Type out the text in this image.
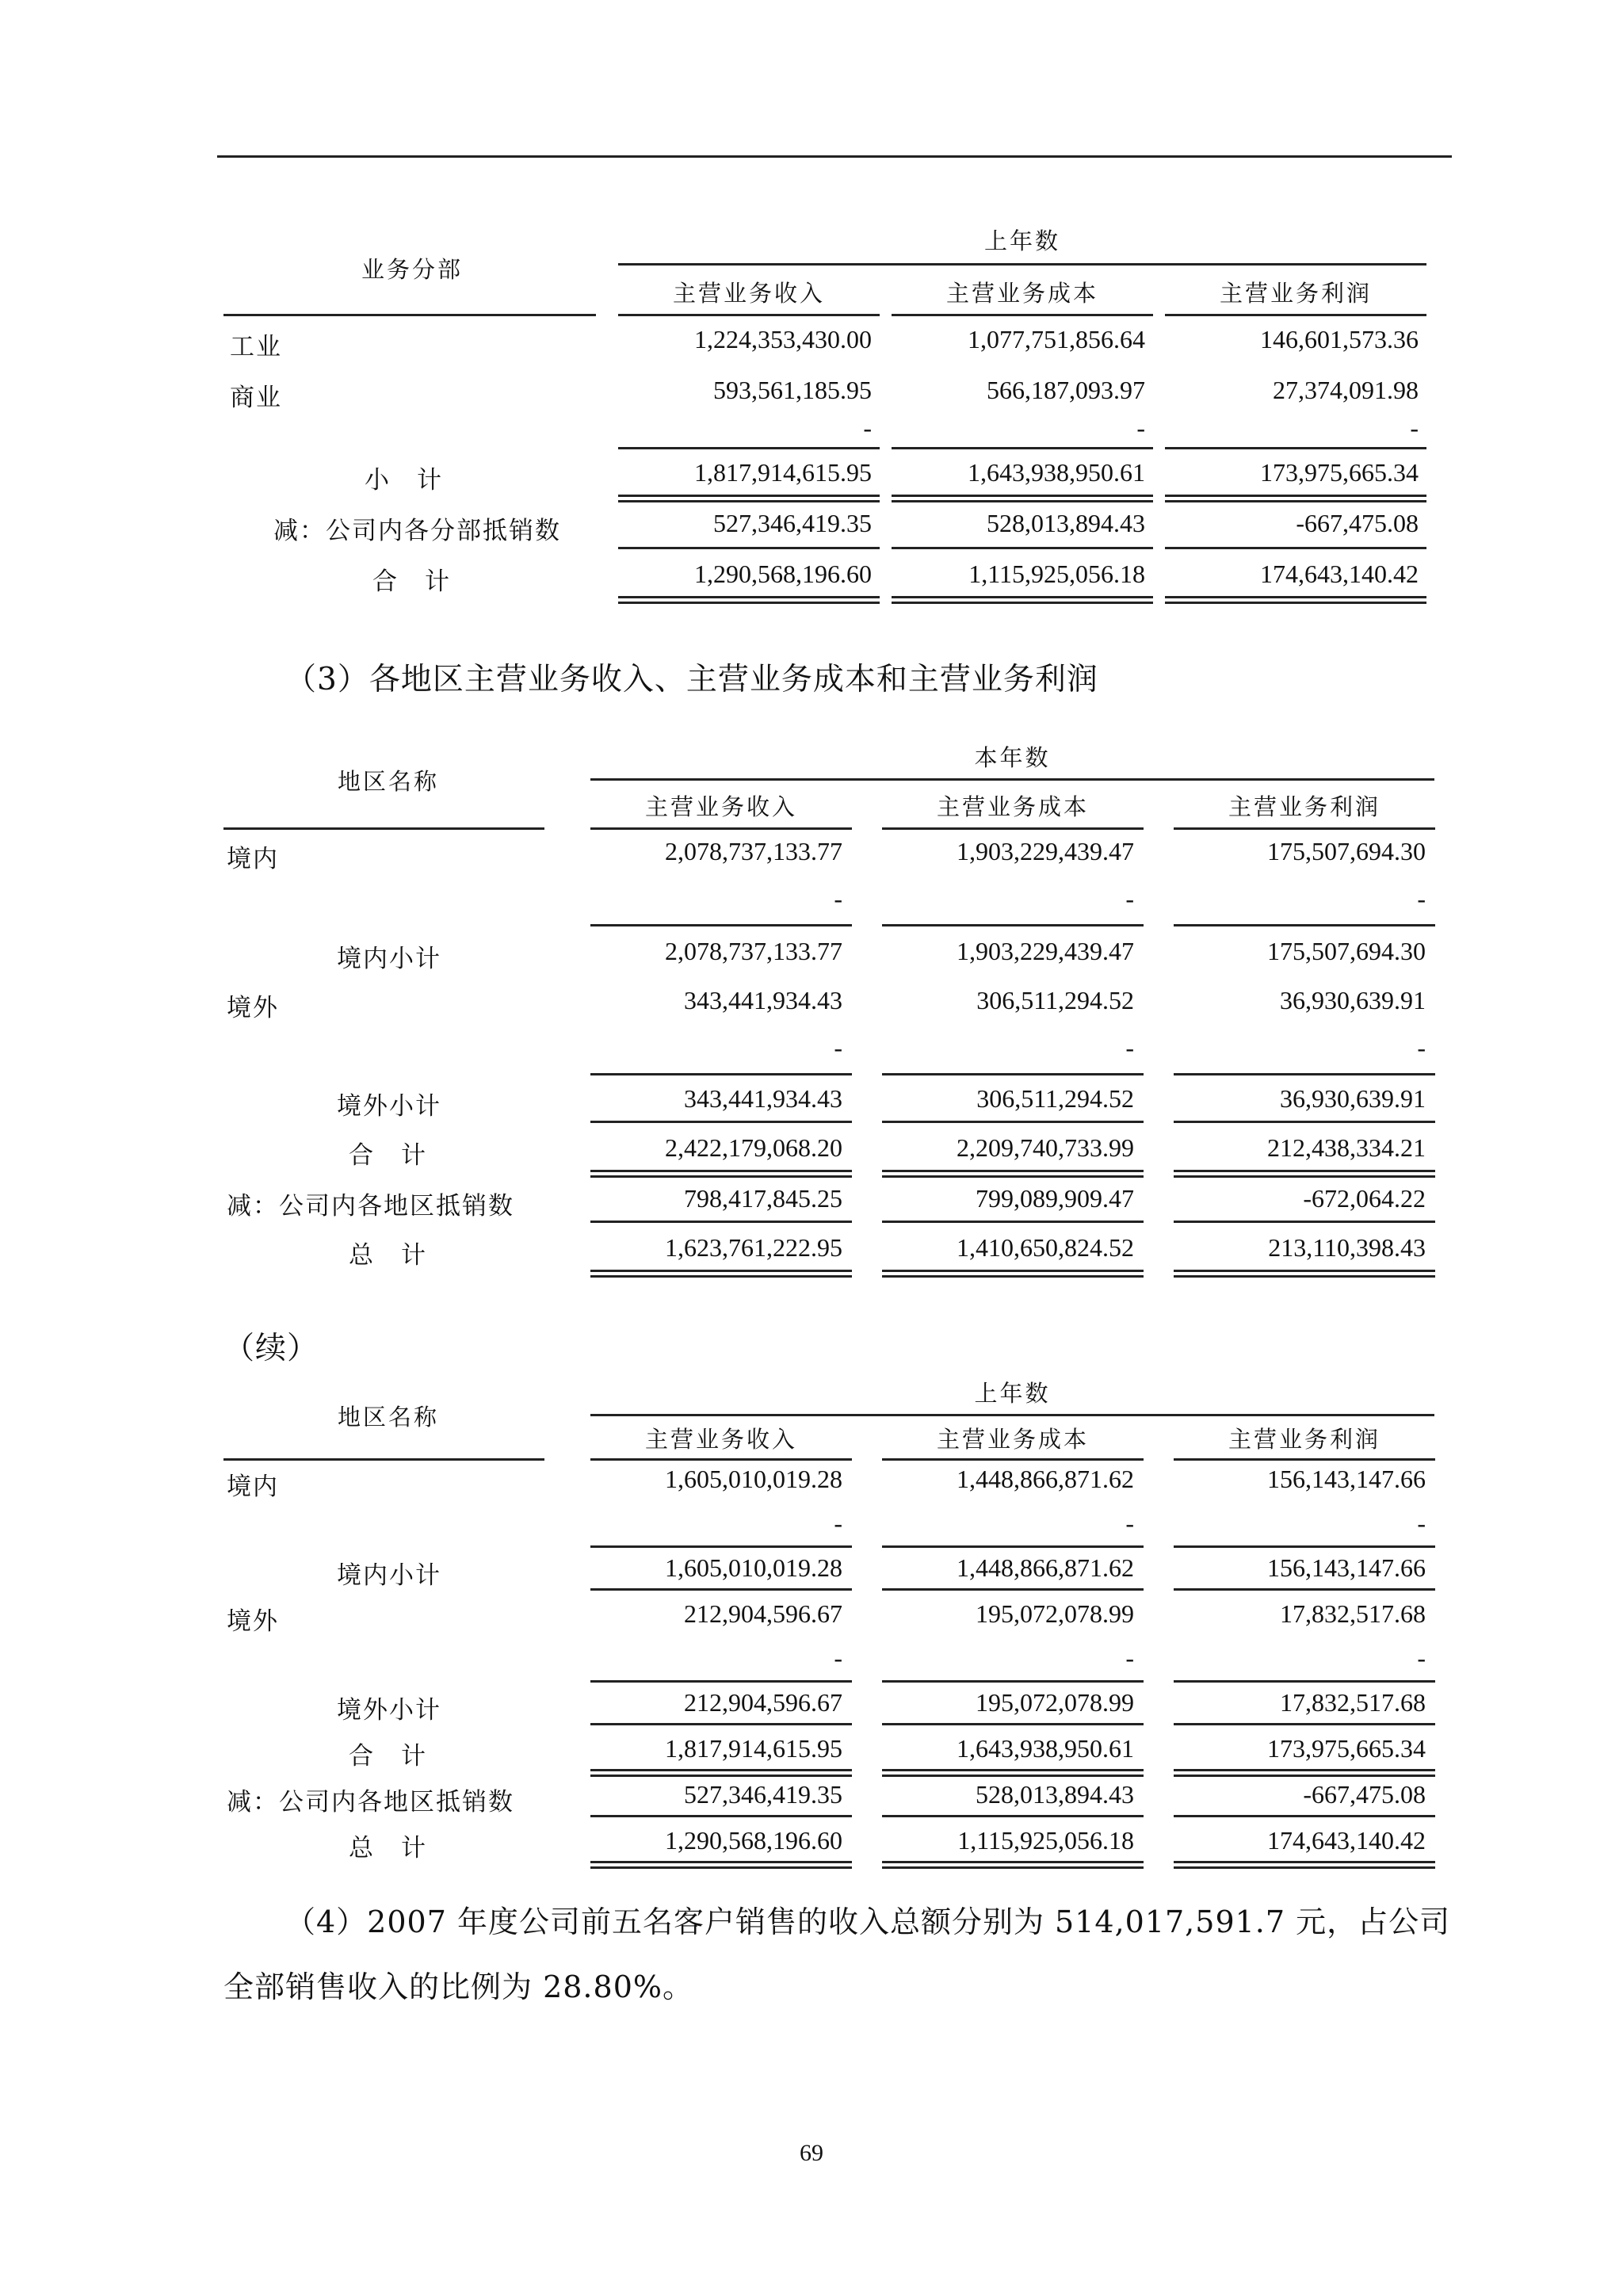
业务分部
上年数
主营业务收入	主营业务成本	主营业务利润
工业	1,224,353,430.00	1,077,751,856.64	146,601,573.36
商业	593,561,185.95	566,187,093.97	27,374,091.98
-	-	-
小　计	1,817,914,615.95	1,643,938,950.61	173,975,665.34
减：公司内各分部抵销数	527,346,419.35	528,013,894.43	-667,475.08
合　计	1,290,568,196.60	1,115,925,056.18	174,643,140.42
（3）各地区主营业务收入、主营业务成本和主营业务利润
地区名称
本年数
主营业务收入	主营业务成本	主营业务利润
境内	2,078,737,133.77	1,903,229,439.47	175,507,694.30
-	-	-
境内小计	2,078,737,133.77	1,903,229,439.47	175,507,694.30
境外	343,441,934.43	306,511,294.52	36,930,639.91
-	-	-
境外小计	343,441,934.43	306,511,294.52	36,930,639.91
合　计	2,422,179,068.20	2,209,740,733.99	212,438,334.21
减：公司内各地区抵销数	798,417,845.25	799,089,909.47	-672,064.22
总　计	1,623,761,222.95	1,410,650,824.52	213,110,398.43
（续）
地区名称
上年数
主营业务收入	主营业务成本	主营业务利润
境内	1,605,010,019.28	1,448,866,871.62	156,143,147.66
-	-	-
境内小计	1,605,010,019.28	1,448,866,871.62	156,143,147.66
境外	212,904,596.67	195,072,078.99	17,832,517.68
-	-	-
境外小计	212,904,596.67	195,072,078.99	17,832,517.68
合　计	1,817,914,615.95	1,643,938,950.61	173,975,665.34
减：公司内各地区抵销数	527,346,419.35	528,013,894.43	-667,475.08
总　计	1,290,568,196.60	1,115,925,056.18	174,643,140.42
（4）2007 年度公司前五名客户销售的收入总额分别为 514,017,591.7 元，占公司
全部销售收入的比例为 28.80%。
69
